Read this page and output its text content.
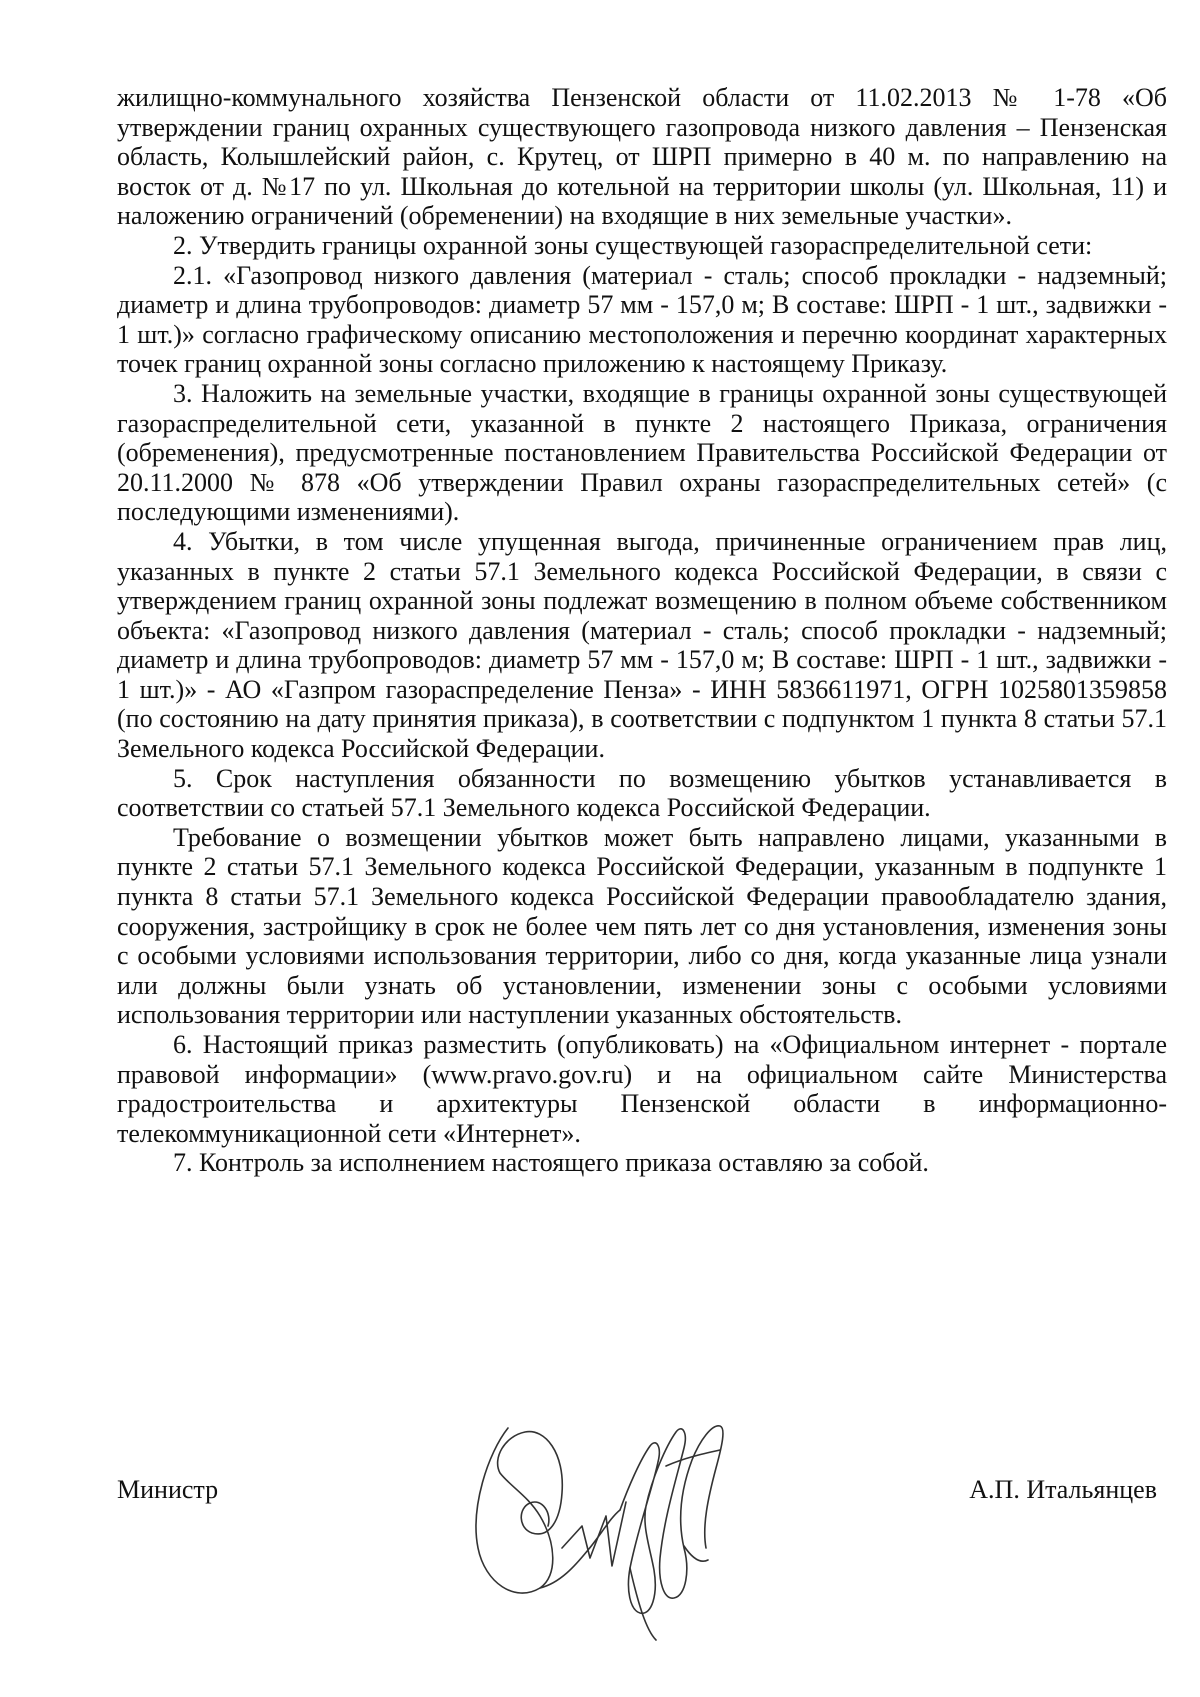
жилищно-коммунального хозяйства Пензенской области от 11.02.2013 № 1-78 «Об утверждении границ охранных существующего газопровода низкого давления – Пензенская область, Колышлейский район, с. Крутец, от ШРП примерно в 40 м. по направлению на восток от д. №17 по ул. Школьная до котельной на территории школы (ул. Школьная, 11) и наложению ограничений (обременении) на входящие в них земельные участки».

2. Утвердить границы охранной зоны существующей газораспределительной сети:

2.1. «Газопровод низкого давления (материал - сталь; способ прокладки - надземный; диаметр и длина трубопроводов: диаметр 57 мм - 157,0 м; В составе: ШРП - 1 шт., задвижки - 1 шт.)» согласно графическому описанию местоположения и перечню координат характерных точек границ охранной зоны согласно приложению к настоящему Приказу.

3. Наложить на земельные участки, входящие в границы охранной зоны существующей газораспределительной сети, указанной в пункте 2 настоящего Приказа, ограничения (обременения), предусмотренные постановлением Правительства Российской Федерации от 20.11.2000 № 878 «Об утверждении Правил охраны газораспределительных сетей» (с последующими изменениями).

4. Убытки, в том числе упущенная выгода, причиненные ограничением прав лиц, указанных в пункте 2 статьи 57.1 Земельного кодекса Российской Федерации, в связи с утверждением границ охранной зоны подлежат возмещению в полном объеме собственником объекта: «Газопровод низкого давления (материал - сталь; способ прокладки - надземный; диаметр и длина трубопроводов: диаметр 57 мм - 157,0 м; В составе: ШРП - 1 шт., задвижки - 1 шт.)» - АО «Газпром газораспределение Пенза» - ИНН 5836611971, ОГРН 1025801359858 (по состоянию на дату принятия приказа), в соответствии с подпунктом 1 пункта 8 статьи 57.1 Земельного кодекса Российской Федерации.

5. Срок наступления обязанности по возмещению убытков устанавливается в соответствии со статьей 57.1 Земельного кодекса Российской Федерации.

Требование о возмещении убытков может быть направлено лицами, указанными в пункте 2 статьи 57.1 Земельного кодекса Российской Федерации, указанным в подпункте 1 пункта 8 статьи 57.1 Земельного кодекса Российской Федерации правообладателю здания, сооружения, застройщику в срок не более чем пять лет со дня установления, изменения зоны с особыми условиями использования территории, либо со дня, когда указанные лица узнали или должны были узнать об установлении, изменении зоны с особыми условиями использования территории или наступлении указанных обстоятельств.

6. Настоящий приказ разместить (опубликовать) на «Официальном интернет - портале правовой информации» (www.pravo.gov.ru) и на официальном сайте Министерства градостроительства и архитектуры Пензенской области в информационно-телекоммуникационной сети «Интернет».

7. Контроль за исполнением настоящего приказа оставляю за собой.

Министр	А.П. Итальянцев
